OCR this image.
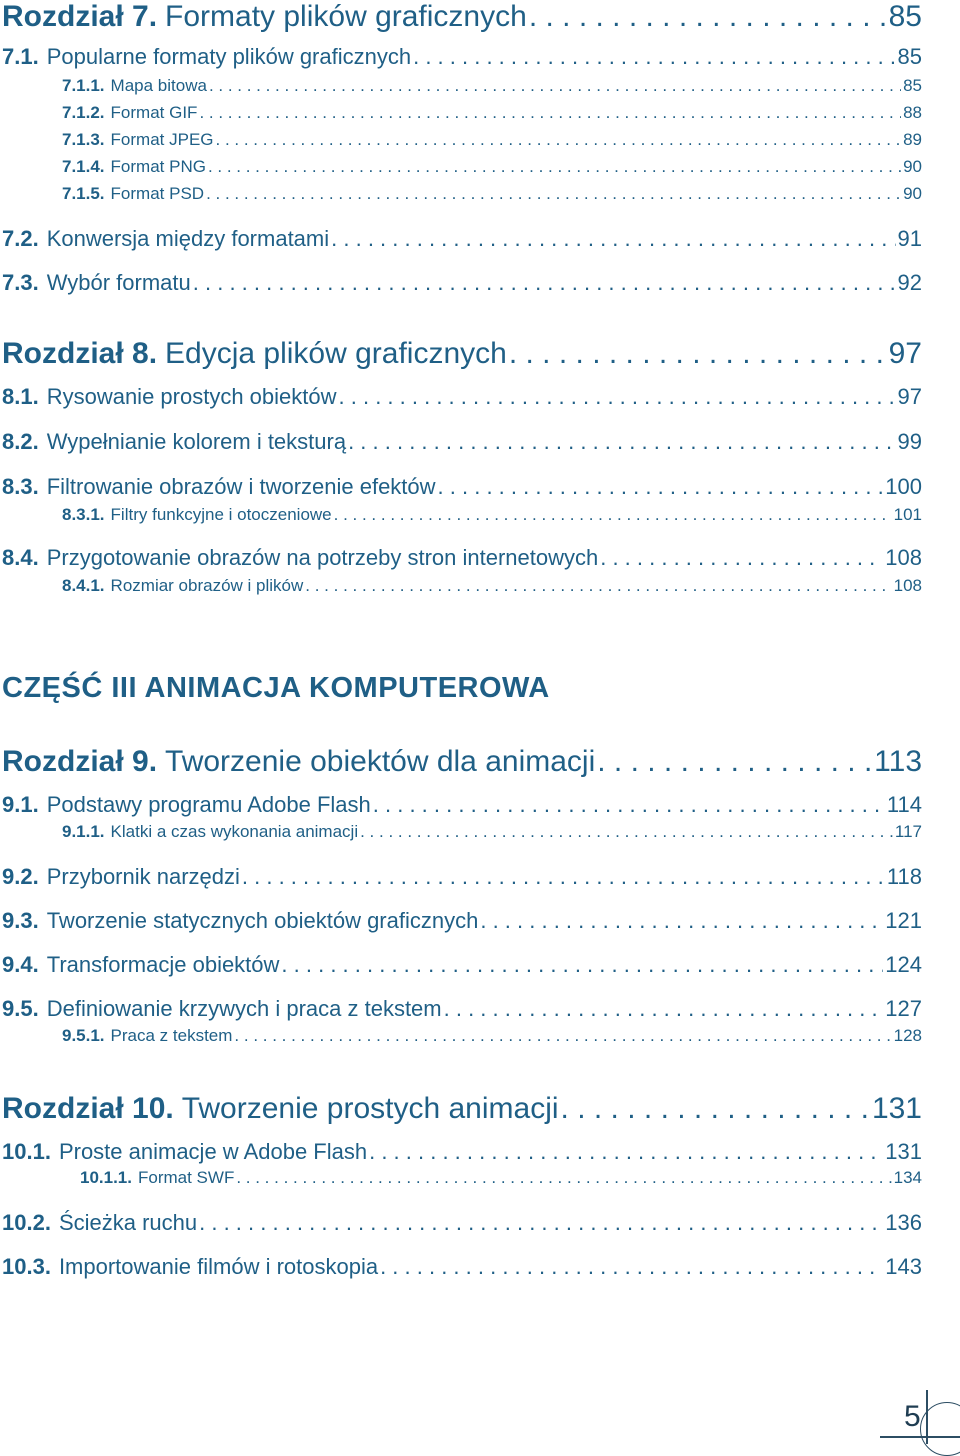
Rozdział 7. Formaty plików graficznych . . .	85
7.1. Popularne formaty plików graficznych . . .	85
7.1.1. Mapa bitowa . . .	85
7.1.2. Format GIF . . .	88
7.1.3. Format JPEG . . .	89
7.1.4. Format PNG . . .	90
7.1.5. Format PSD . . .	90
7.2. Konwersja między formatami . . .	91
7.3. Wybór formatu . . .	92
Rozdział 8. Edycja plików graficznych . . .	97
8.1. Rysowanie prostych obiektów . . .	97
8.2. Wypełnianie kolorem i teksturą . . .	99
8.3. Filtrowanie obrazów i tworzenie efektów . . .	100
8.3.1. Filtry funkcyjne i otoczeniowe . . .	101
8.4. Przygotowanie obrazów na potrzeby stron internetowych . . .	108
8.4.1. Rozmiar obrazów i plików . . .	108
Rozdział 9. Tworzenie obiektów dla animacji . . .	113
9.1. Podstawy programu Adobe Flash . . .	114
9.1.1. Klatki a czas wykonania animacji . . .	117
9.2. Przybornik narzędzi . . .	118
9.3. Tworzenie statycznych obiektów graficznych . . .	121
9.4. Transformacje obiektów . . .	124
9.5. Definiowanie krzywych i praca z tekstem . . .	127
9.5.1. Praca z tekstem . . .	128
Rozdział 10. Tworzenie prostych animacji . . .	131
10.1. Proste animacje w Adobe Flash . . .	131
10.1.1. Format SWF . . .	134
10.2. Ścieżka ruchu . . .	136
10.3. Importowanie filmów i rotoskopia . . .	143
CZĘŚĆ III ANIMACJA KOMPUTEROWA
5
